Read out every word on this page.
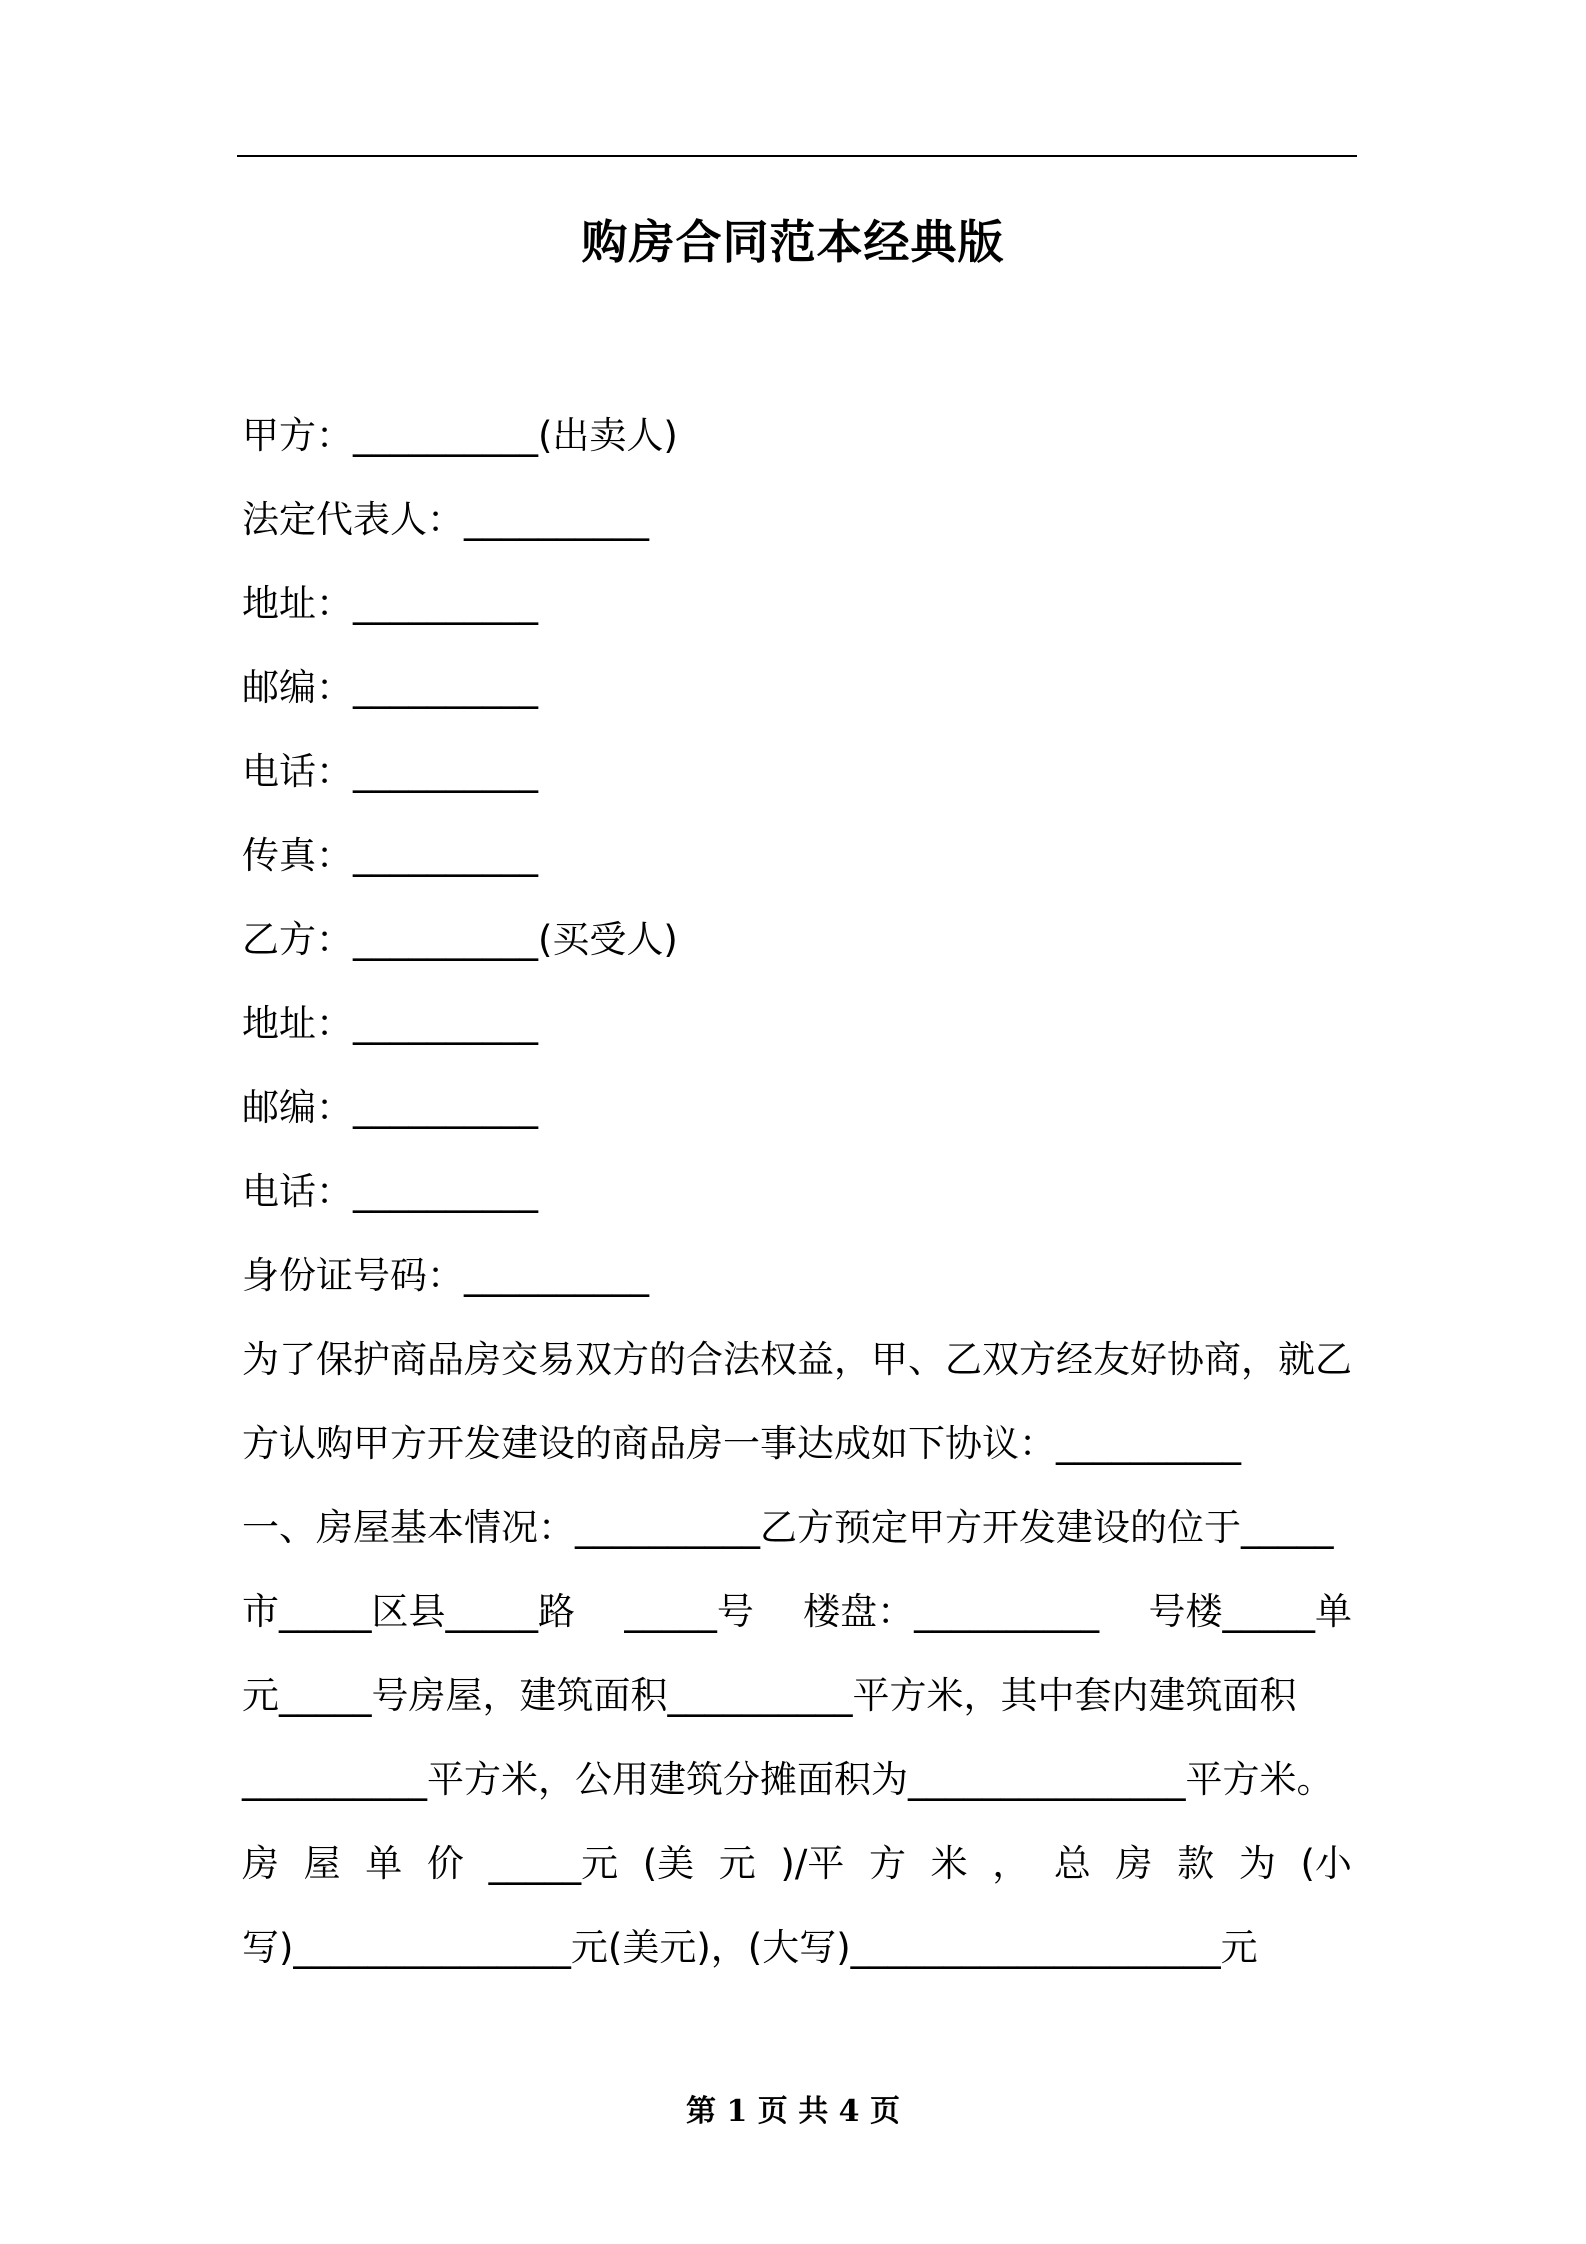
购房合同范本经典版
甲方：__________(出卖人)
法定代表人：__________
地址：__________
邮编：__________
电话：__________
传真：__________
乙方：__________(买受人)
地址：__________
邮编：__________
电话：__________
身份证号码：__________
为了保护商品房交易双方的合法权益，甲、乙双方经友好协商，就乙
方认购甲方开发建设的商品房一事达成如下协议：__________
一、房屋基本情况：__________乙方预定甲方开发建设的位于_____
市_____区县_____路 _____号 楼盘：__________ 号楼_____单
元_____号房屋，建筑面积__________平方米，其中套内建筑面积
__________平方米，公用建筑分摊面积为_______________平方米。
房 屋 单 价 _____元 (美 元 )/平 方 米 ， 总 房 款 为 (小
写)_______________元(美元)，(大写)____________________元
第 1 页 共 4 页
